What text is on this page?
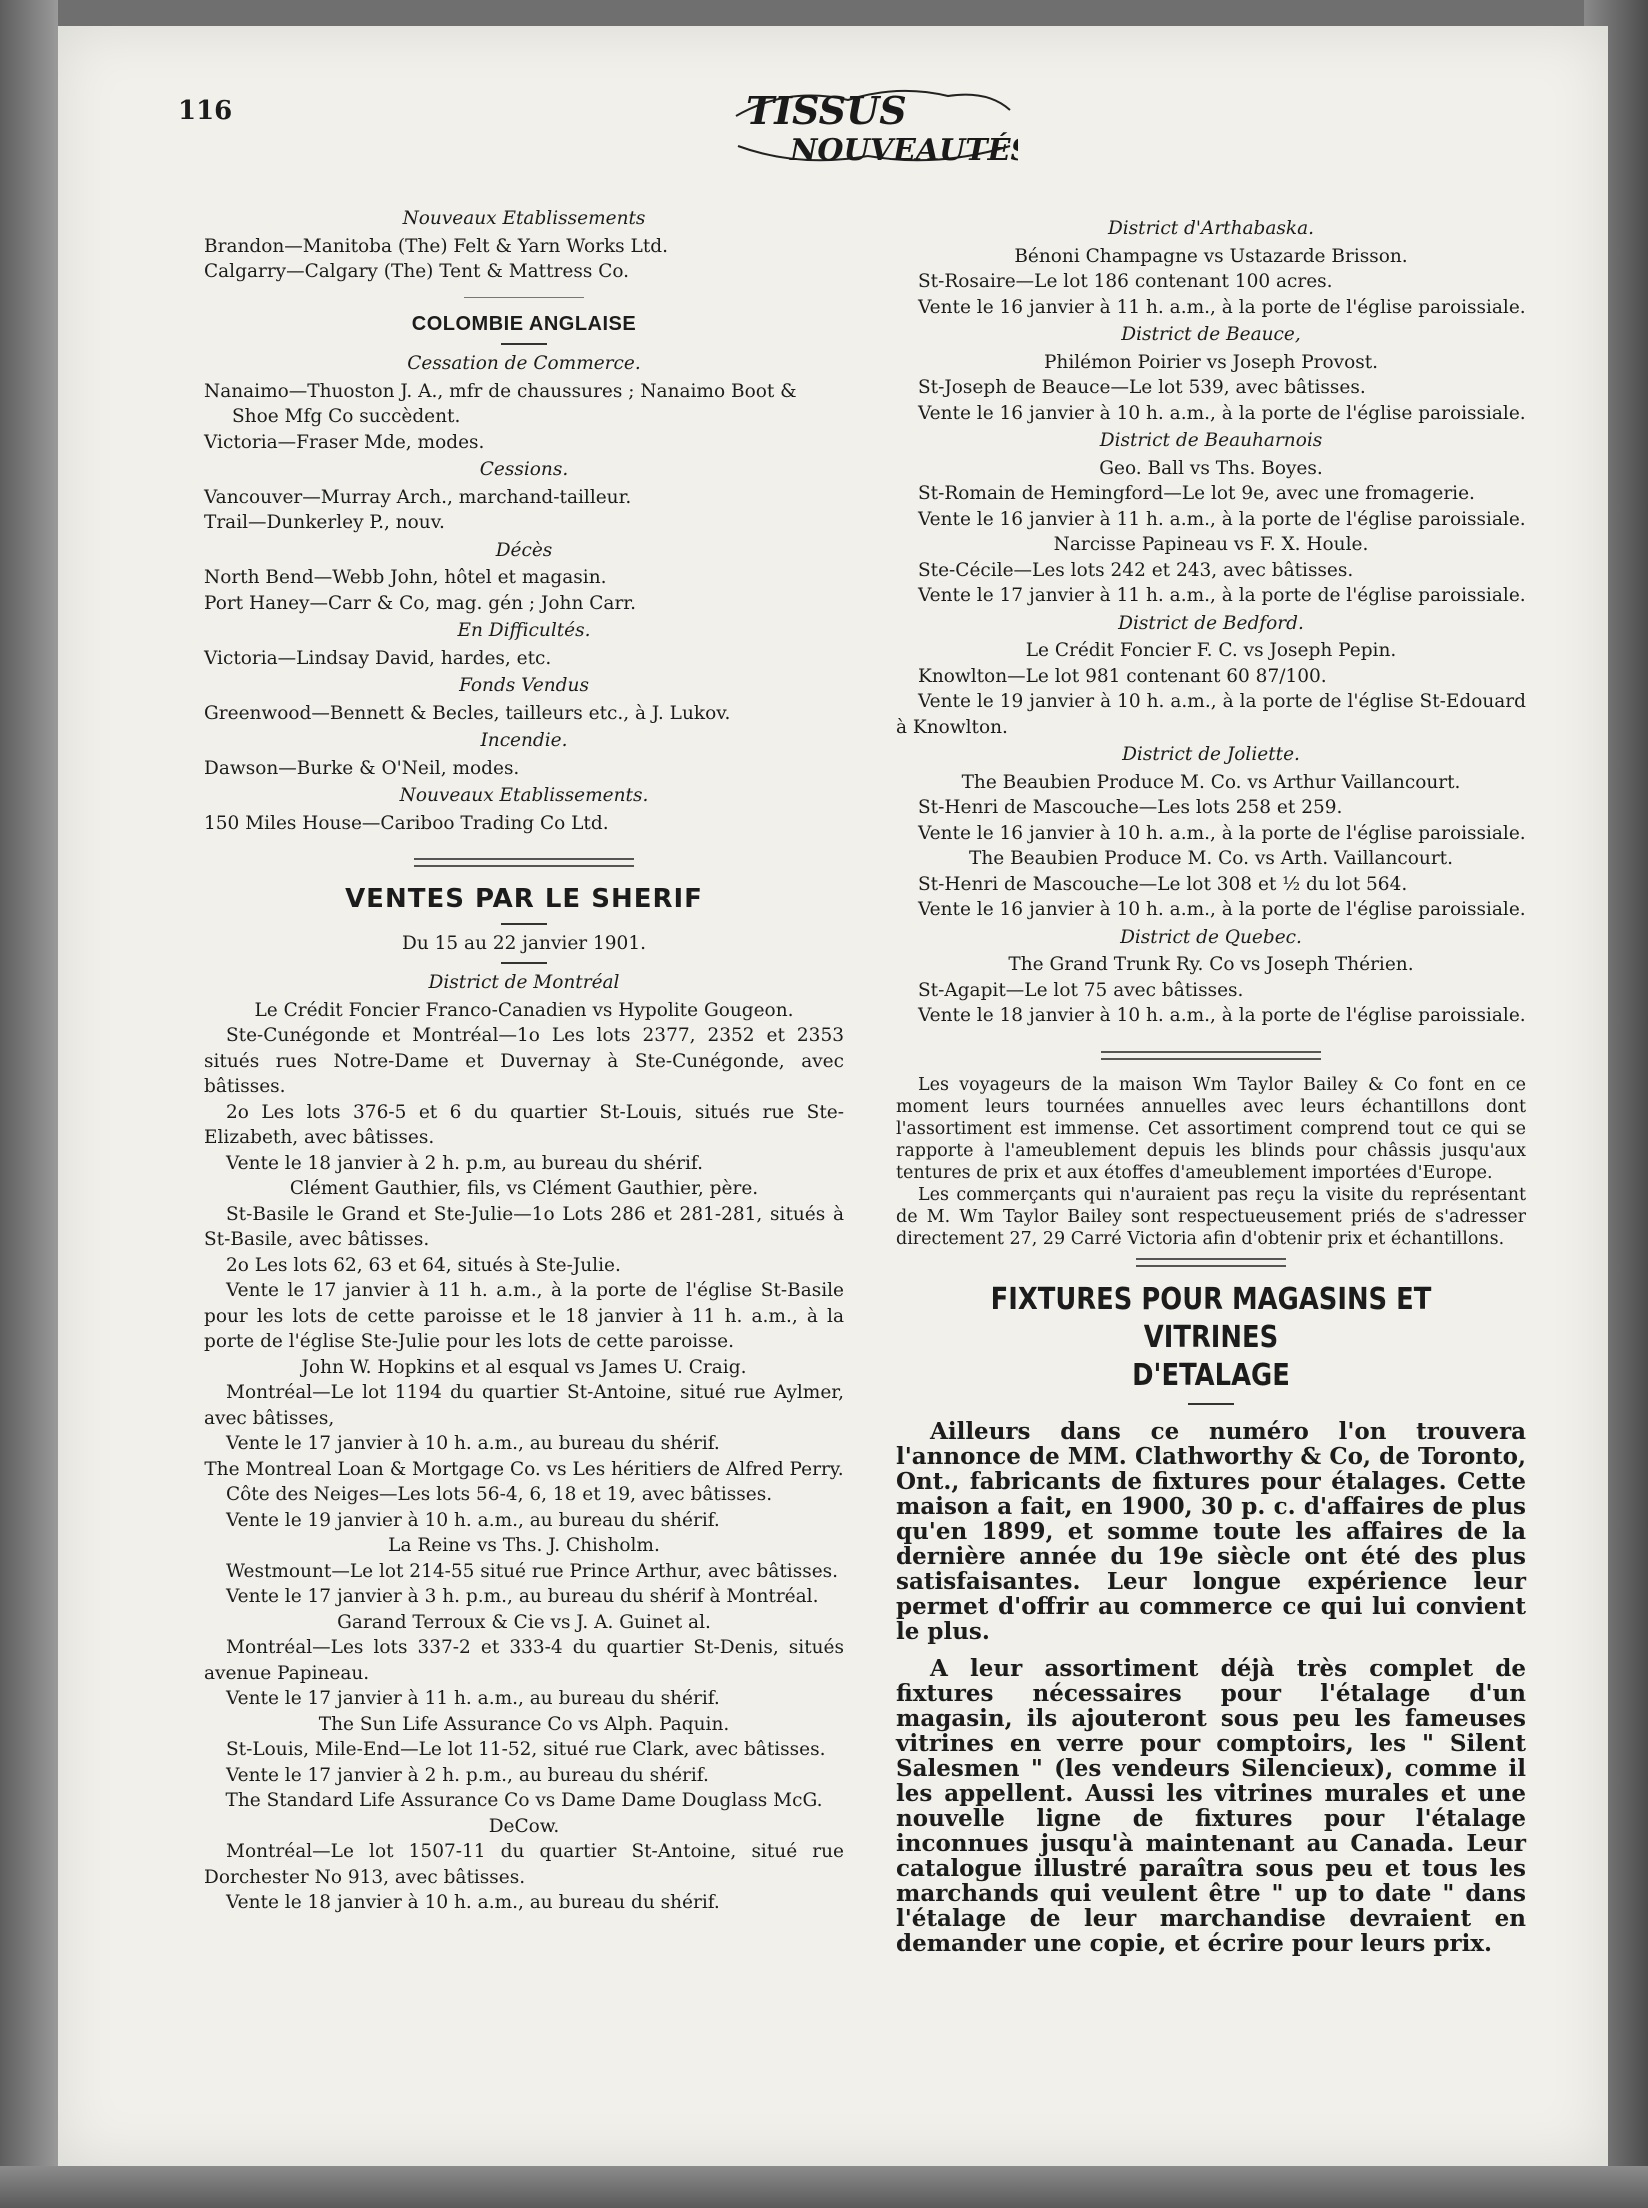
116	TISSUS
NOUVEAUTÉS
Nouveaux Etablissements
Brandon—Manitoba (The) Felt & Yarn Works Ltd.
Calgarry—Calgary (The) Tent & Mattress Co.
COLOMBIE ANGLAISE
Cessation de Commerce.
Nanaimo—Thuoston J. A., mfr de chaussures ; Nanaimo Boot & Shoe Mfg Co succèdent.
Victoria—Fraser Mde, modes.
Cessions.
Vancouver—Murray Arch., marchand-tailleur.
Trail—Dunkerley P., nouv.
Décès
North Bend—Webb John, hôtel et magasin.
Port Haney—Carr & Co, mag. gén ; John Carr.
En Difficultés.
Victoria—Lindsay David, hardes, etc.
Fonds Vendus
Greenwood—Bennett & Becles, tailleurs etc., à J. Lukov.
Incendie.
Dawson—Burke & O'Neil, modes.
Nouveaux Etablissements.
150 Miles House—Cariboo Trading Co Ltd.
VENTES PAR LE SHERIF
Du 15 au 22 janvier 1901.
District de Montréal
Le Crédit Foncier Franco-Canadien vs Hypolite Gougeon.
Ste-Cunégonde et Montréal—1o Les lots 2377, 2352 et 2353 situés rues Notre-Dame et Duvernay à Ste-Cunégonde, avec bâtisses.
2o Les lots 376-5 et 6 du quartier St-Louis, situés rue Ste-Elizabeth, avec bâtisses.
Vente le 18 janvier à 2 h. p.m, au bureau du shérif.
Clément Gauthier, fils, vs Clément Gauthier, père.
St-Basile le Grand et Ste-Julie—1o Lots 286 et 281-281, situés à St-Basile, avec bâtisses.
2o Les lots 62, 63 et 64, situés à Ste-Julie.
Vente le 17 janvier à 11 h. a.m., à la porte de l'église St-Basile pour les lots de cette paroisse et le 18 janvier à 11 h. a.m., à la porte de l'église Ste-Julie pour les lots de cette paroisse.
John W. Hopkins et al esqual vs James U. Craig.
Montréal—Le lot 1194 du quartier St-Antoine, situé rue Aylmer, avec bâtisses,
Vente le 17 janvier à 10 h. a.m., au bureau du shérif.
The Montreal Loan & Mortgage Co. vs Les héritiers de Alfred Perry.
Côte des Neiges—Les lots 56-4, 6, 18 et 19, avec bâtisses.
Vente le 19 janvier à 10 h. a.m., au bureau du shérif.
La Reine vs Ths. J. Chisholm.
Westmount—Le lot 214-55 situé rue Prince Arthur, avec bâtisses.
Vente le 17 janvier à 3 h. p.m., au bureau du shérif à Montréal.
Garand Terroux & Cie vs J. A. Guinet al.
Montréal—Les lots 337-2 et 333-4 du quartier St-Denis, situés avenue Papineau.
Vente le 17 janvier à 11 h. a.m., au bureau du shérif.
The Sun Life Assurance Co vs Alph. Paquin.
St-Louis, Mile-End—Le lot 11-52, situé rue Clark, avec bâtisses.
Vente le 17 janvier à 2 h. p.m., au bureau du shérif.
The Standard Life Assurance Co vs Dame Dame Douglass McG. DeCow.
Montréal—Le lot 1507-11 du quartier St-Antoine, situé rue Dorchester No 913, avec bâtisses.
Vente le 18 janvier à 10 h. a.m., au bureau du shérif.
District d'Arthabaska.
Bénoni Champagne vs Ustazarde Brisson.
St-Rosaire—Le lot 186 contenant 100 acres.
Vente le 16 janvier à 11 h. a.m., à la porte de l'église paroissiale.
District de Beauce,
Philémon Poirier vs Joseph Provost.
St-Joseph de Beauce—Le lot 539, avec bâtisses.
Vente le 16 janvier à 10 h. a.m., à la porte de l'église paroissiale.
District de Beauharnois
Geo. Ball vs Ths. Boyes.
St-Romain de Hemingford—Le lot 9e, avec une fromagerie.
Vente le 16 janvier à 11 h. a.m., à la porte de l'église paroissiale.
Narcisse Papineau vs F. X. Houle.
Ste-Cécile—Les lots 242 et 243, avec bâtisses.
Vente le 17 janvier à 11 h. a.m., à la porte de l'église paroissiale.
District de Bedford.
Le Crédit Foncier F. C. vs Joseph Pepin.
Knowlton—Le lot 981 contenant 60 87/100.
Vente le 19 janvier à 10 h. a.m., à la porte de l'église St-Edouard à Knowlton.
District de Joliette.
The Beaubien Produce M. Co. vs Arthur Vaillancourt.
St-Henri de Mascouche—Les lots 258 et 259.
Vente le 16 janvier à 10 h. a.m., à la porte de l'église paroissiale.
The Beaubien Produce M. Co. vs Arth. Vaillancourt.
St-Henri de Mascouche—Le lot 308 et ½ du lot 564.
Vente le 16 janvier à 10 h. a.m., à la porte de l'église paroissiale.
District de Quebec.
The Grand Trunk Ry. Co vs Joseph Thérien.
St-Agapit—Le lot 75 avec bâtisses.
Vente le 18 janvier à 10 h. a.m., à la porte de l'église paroissiale.

Les voyageurs de la maison Wm Taylor Bailey & Co font en ce moment leurs tournées annuelles avec leurs échantillons dont l'assortiment est immense. Cet assortiment comprend tout ce qui se rapporte à l'ameublement depuis les blinds pour châssis jusqu'aux tentures de prix et aux étoffes d'ameublement importées d'Europe.

Les commerçants qui n'auraient pas reçu la visite du représentant de M. Wm Taylor Bailey sont respectueusement priés de s'adresser directement 27, 29 Carré Victoria afin d'obtenir prix et échantillons.

FIXTURES POUR MAGASINS ET VITRINES
D'ETALAGE

Ailleurs dans ce numéro l'on trouvera l'annonce de MM. Clathworthy & Co, de Toronto, Ont., fabricants de fixtures pour étalages. Cette maison a fait, en 1900, 30 p. c. d'affaires de plus qu'en 1899, et somme toute les affaires de la dernière année du 19e siècle ont été des plus satisfaisantes. Leur longue expérience leur permet d'offrir au commerce ce qui lui convient le plus.

A leur assortiment déjà très complet de fixtures nécessaires pour l'étalage d'un magasin, ils ajouteront sous peu les fameuses vitrines en verre pour comptoirs, les " Silent Salesmen " (les vendeurs Silencieux), comme il les appellent. Aussi les vitrines murales et une nouvelle ligne de fixtures pour l'étalage inconnues jusqu'à maintenant au Canada. Leur catalogue illustré paraîtra sous peu et tous les marchands qui veulent être " up to date " dans l'étalage de leur marchandise devraient en demander une copie, et écrire pour leurs prix.
